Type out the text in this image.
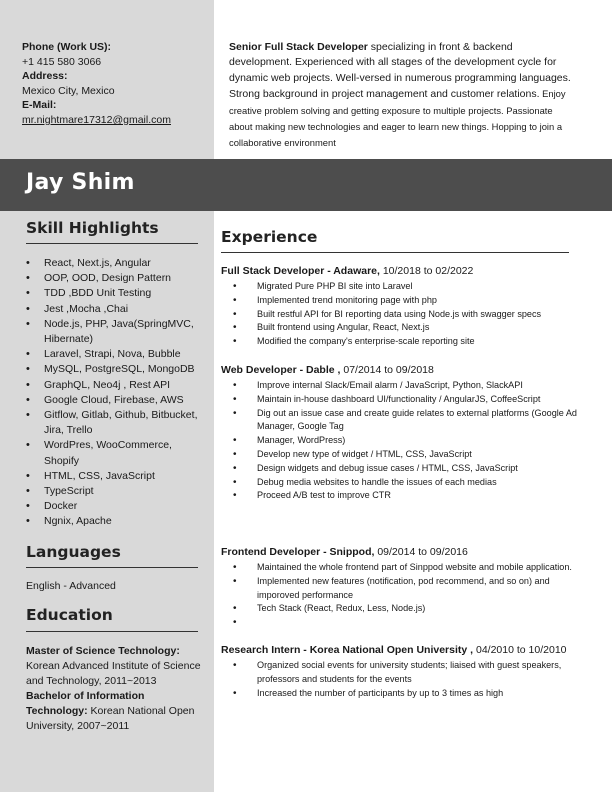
Phone (Work US):
+1 415 580 3066
Address:
Mexico City, Mexico
E-Mail:
mr.nightmare17312@gmail.com
Senior Full Stack Developer specializing in front & backend development. Experienced with all stages of the development cycle for dynamic web projects. Well-versed in numerous programming languages. Strong background in project management and customer relations. Enjoy creative problem solving and getting exposure to multiple projects. Passionate about making new technologies and eager to learn new things. Hopping to join a collaborative environment
Jay Shim
Skill Highlights
• React, Next.js, Angular
• OOP, OOD, Design Pattern
• TDD ,BDD Unit Testing
• Jest ,Mocha ,Chai
• Node.js, PHP, Java(SpringMVC, Hibernate)
• Laravel, Strapi, Nova, Bubble
• MySQL, PostgreSQL, MongoDB
• GraphQL, Neo4j , Rest API
• Google Cloud, Firebase, AWS
• Gitflow, Gitlab, Github, Bitbucket, Jira, Trello
• WordPres, WooCommerce, Shopify
• HTML, CSS, JavaScript
• TypeScript
• Docker
• Ngnix, Apache
Languages
English - Advanced
Education
Master of Science Technology: Korean Advanced Institute of Science and Technology, 2011~2013
Bachelor of Information Technology: Korean National Open University, 2007~2011
Experience
Full Stack Developer - Adaware, 10/2018 to 02/2022
• Migrated Pure PHP BI site into Laravel
• Implemented trend monitoring page with php
• Built restful API for BI reporting data using Node.js with swagger specs
• Built frontend using Angular, React, Next.js
• Modified the company's enterprise-scale reporting site
Web Developer - Dable , 07/2014 to 09/2018
• Improve internal Slack/Email alarm / JavaScript, Python, SlackAPI
• Maintain in-house dashboard UI/functionality / AngularJS, CoffeeScript
• Dig out an issue case and create guide relates to external platforms (Google Ad Manager, Google Tag
• Manager, WordPress)
• Develop new type of widget / HTML, CSS, JavaScript
• Design widgets and debug issue cases / HTML, CSS, JavaScript
• Debug media websites to handle the issues of each medias
• Proceed A/B test to improve CTR
Frontend Developer - Snippod, 09/2014 to 09/2016
• Maintained the whole frontend part of Sinppod website and mobile application.
• Implemented new features (notification, pod recommend, and so on) and imporoved performance
• Tech Stack (React, Redux, Less, Node.js)
•
Research Intern - Korea National Open University , 04/2010 to 10/2010
• Organized social events for university students; liaised with guest speakers, professors and students for the events
• Increased the number of participants by up to 3 times as high
